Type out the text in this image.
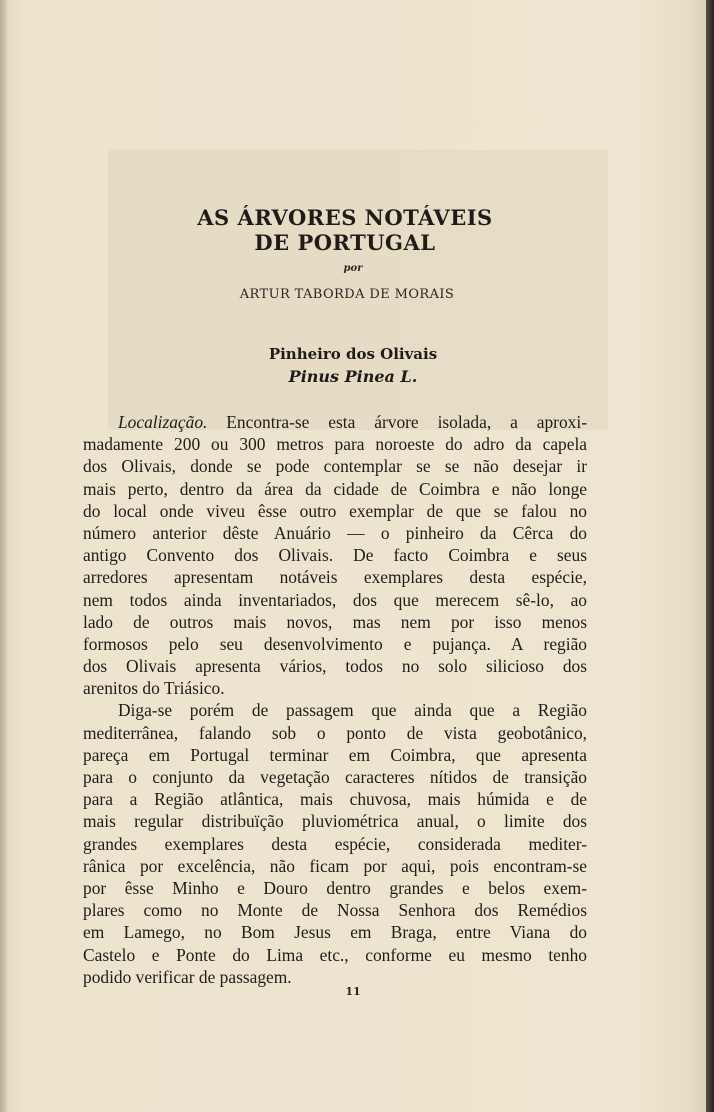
AS ÁRVORES NOTÁVEIS
DE PORTUGAL
por
ARTUR TABORDA DE MORAIS
Pinheiro dos Olivais
Pinus Pinea L.
Localização. Encontra-se esta árvore isolada, a aproxi-
madamente 200 ou 300 metros para noroeste do adro da capela
dos Olivais, donde se pode contemplar se se não desejar ir
mais perto, dentro da área da cidade de Coimbra e não longe
do local onde viveu êsse outro exemplar de que se falou no
número anterior dêste Anuário — o pinheiro da Cêrca do
antigo Convento dos Olivais. De facto Coimbra e seus
arredores apresentam notáveis exemplares desta espécie,
nem todos ainda inventariados, dos que merecem sê-lo, ao
lado de outros mais novos, mas nem por isso menos
formosos pelo seu desenvolvimento e pujança. A região
dos Olivais apresenta vários, todos no solo silicioso dos
arenitos do Triásico.
Diga-se porém de passagem que ainda que a Região
mediterrânea, falando sob o ponto de vista geobotânico,
pareça em Portugal terminar em Coimbra, que apresenta
para o conjunto da vegetação caracteres nítidos de transição
para a Região atlântica, mais chuvosa, mais húmida e de
mais regular distribuïção pluviométrica anual, o limite dos
grandes exemplares desta espécie, considerada mediter-
rânica por excelência, não ficam por aqui, pois encontram-se
por êsse Minho e Douro dentro grandes e belos exem-
plares como no Monte de Nossa Senhora dos Remédios
em Lamego, no Bom Jesus em Braga, entre Viana do
Castelo e Ponte do Lima etc., conforme eu mesmo tenho
podido verificar de passagem.
11
